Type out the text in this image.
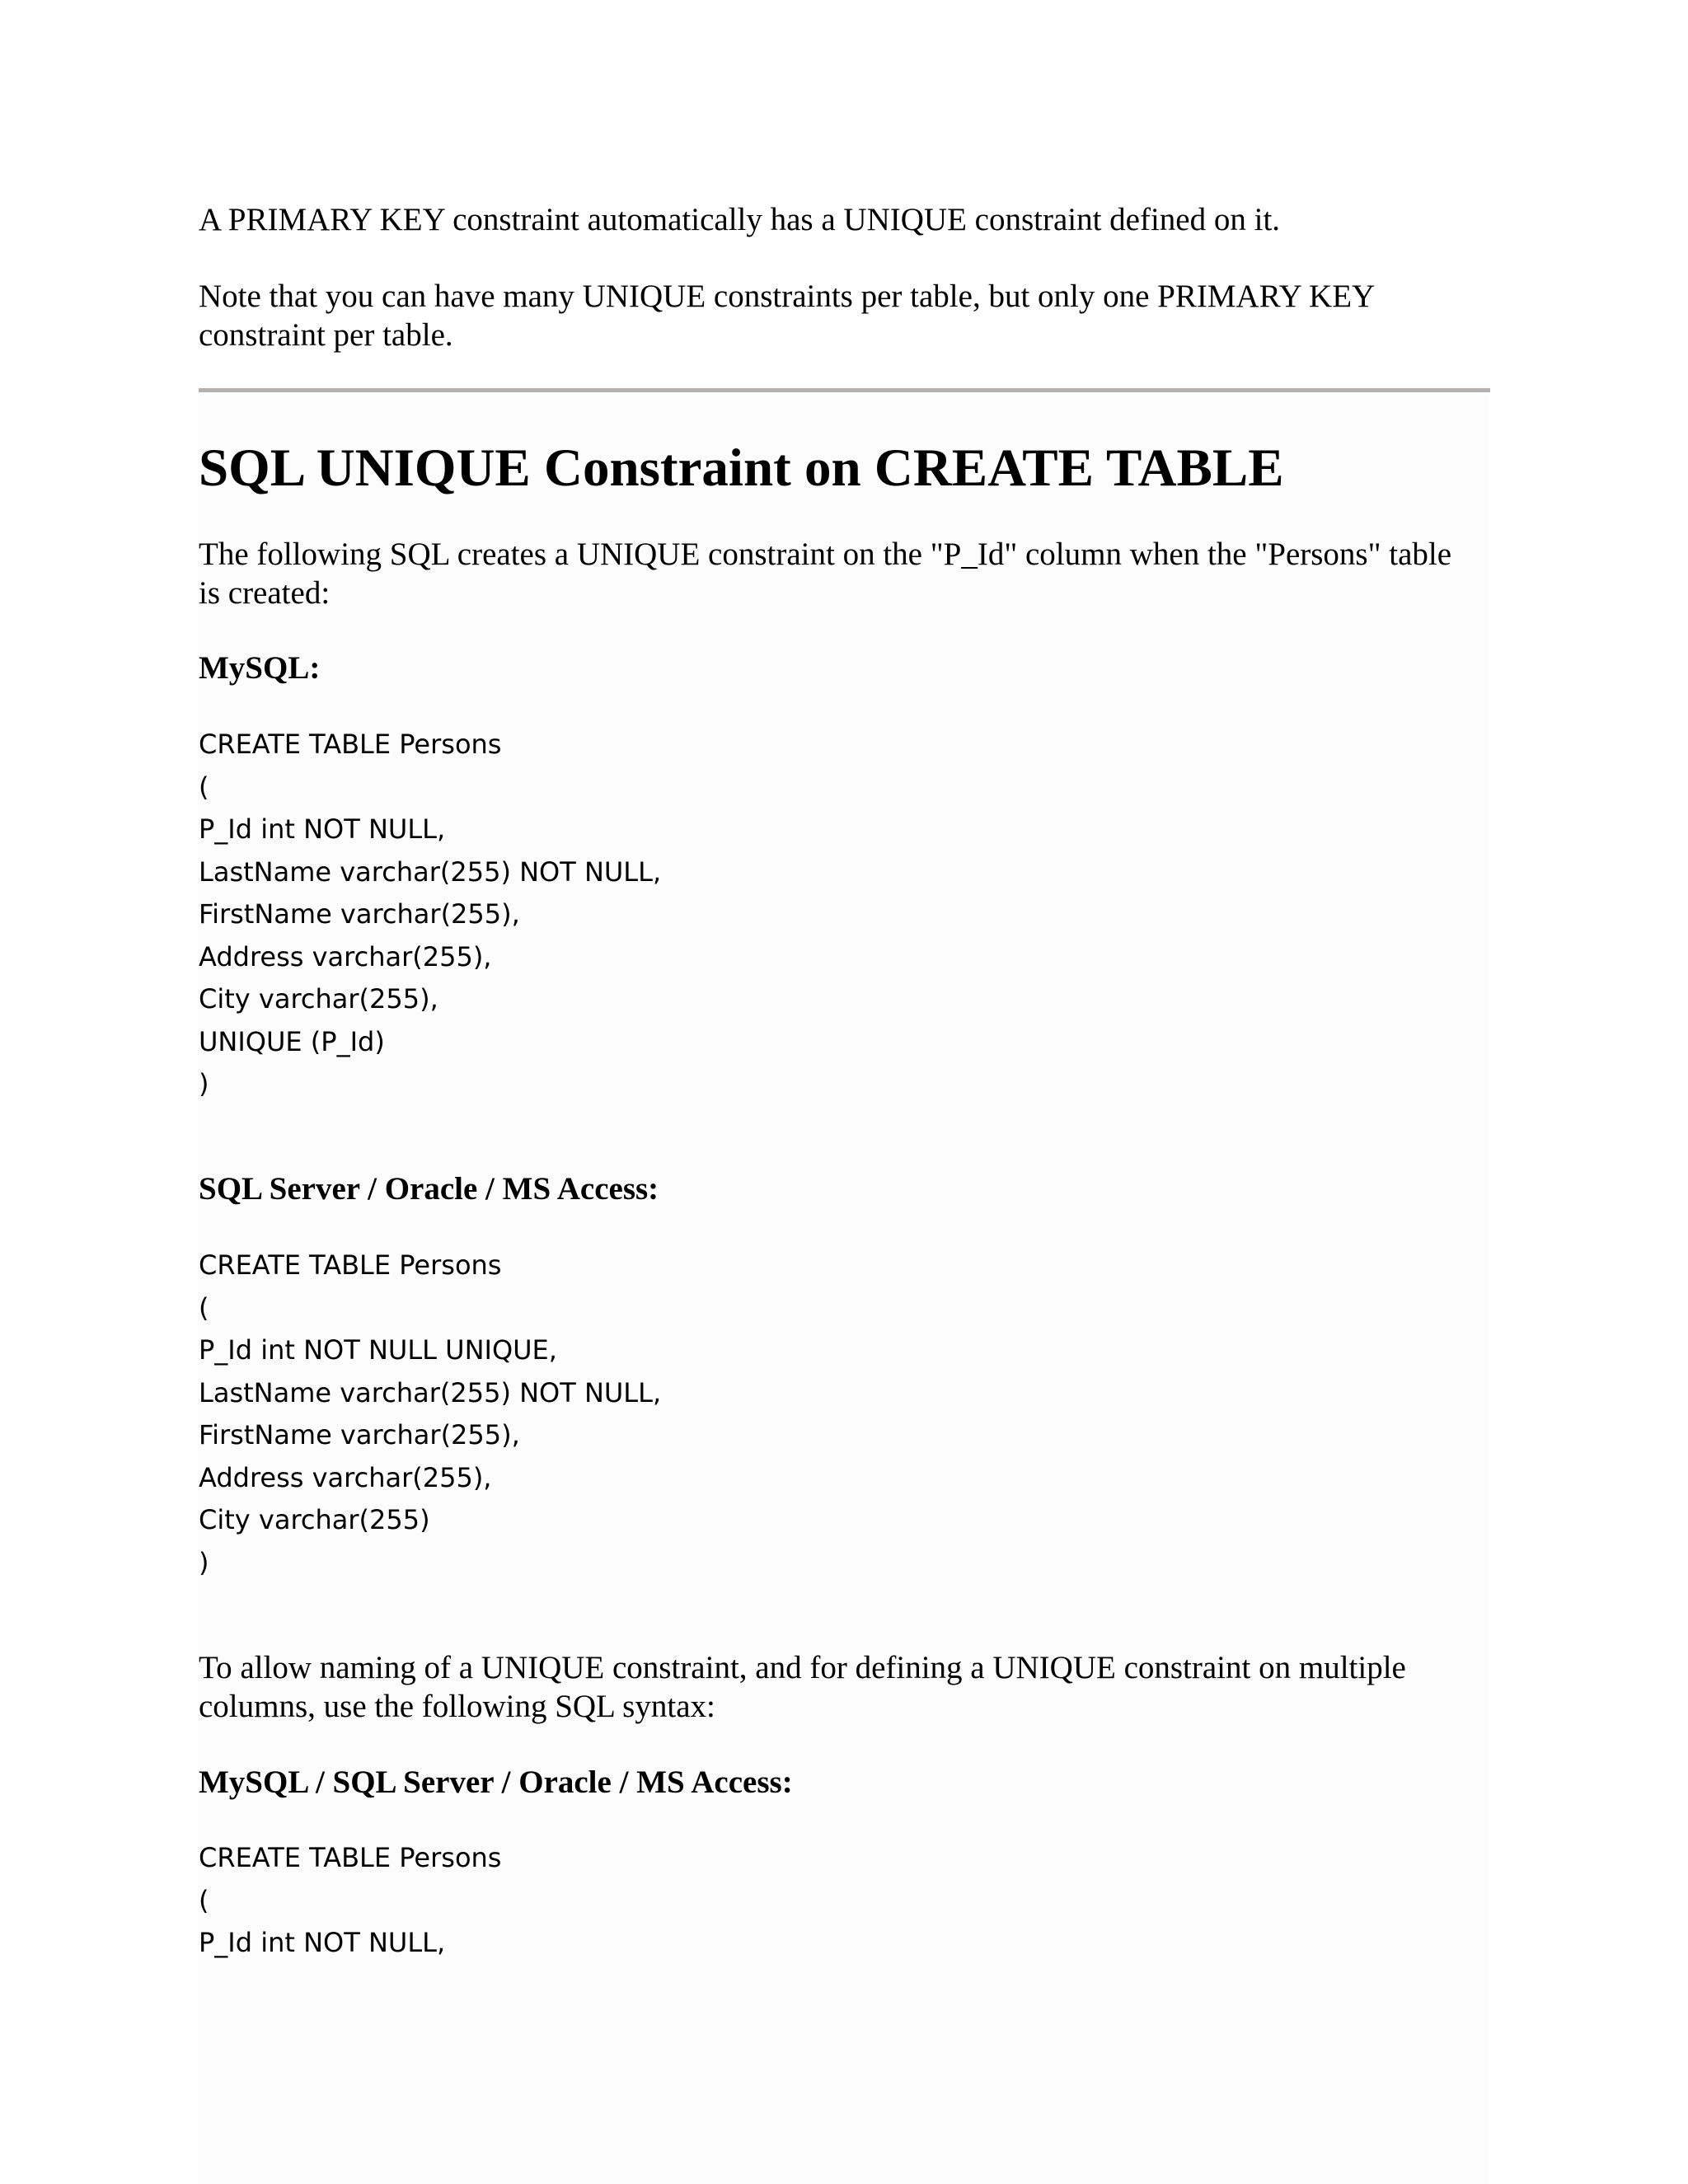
A PRIMARY KEY constraint automatically has a UNIQUE constraint defined on it.

Note that you can have many UNIQUE constraints per table, but only one PRIMARY KEY constraint per table.

SQL UNIQUE Constraint on CREATE TABLE

The following SQL creates a UNIQUE constraint on the "P_Id" column when the "Persons" table is created:

MySQL:
CREATE TABLE Persons
(
P_Id int NOT NULL,
LastName varchar(255) NOT NULL,
FirstName varchar(255),
Address varchar(255),
City varchar(255),
UNIQUE (P_Id)
)
SQL Server / Oracle / MS Access:
CREATE TABLE Persons
(
P_Id int NOT NULL UNIQUE,
LastName varchar(255) NOT NULL,
FirstName varchar(255),
Address varchar(255),
City varchar(255)
)

To allow naming of a UNIQUE constraint, and for defining a UNIQUE constraint on multiple columns, use the following SQL syntax:

MySQL / SQL Server / Oracle / MS Access:
CREATE TABLE Persons
(
P_Id int NOT NULL,
